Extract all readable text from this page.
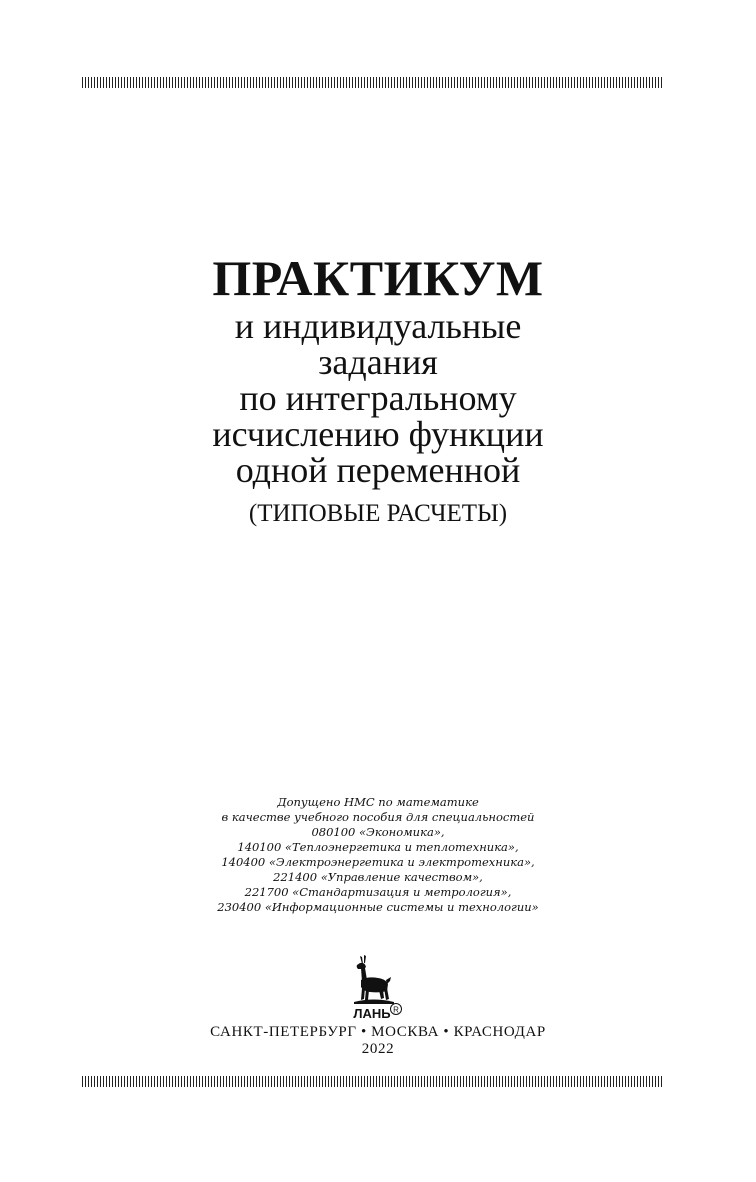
ПРАКТИКУМ
и индивидуальные
задания
по интегральному
исчислению функции
одной переменной
(ТИПОВЫЕ РАСЧЕТЫ)
Допущено НМС по математике
в качестве учебного пособия для специальностей
080100 «Экономика»,
140100 «Теплоэнергетика и теплотехника»,
140400 «Электроэнергетика и электротехника»,
221400 «Управление качеством»,
221700 «Стандартизация и метрология»,
230400 «Информационные системы и технологии»
ЛАНЬ R
САНКТ-ПЕТЕРБУРГ • МОСКВА • КРАСНОДАР
2022
